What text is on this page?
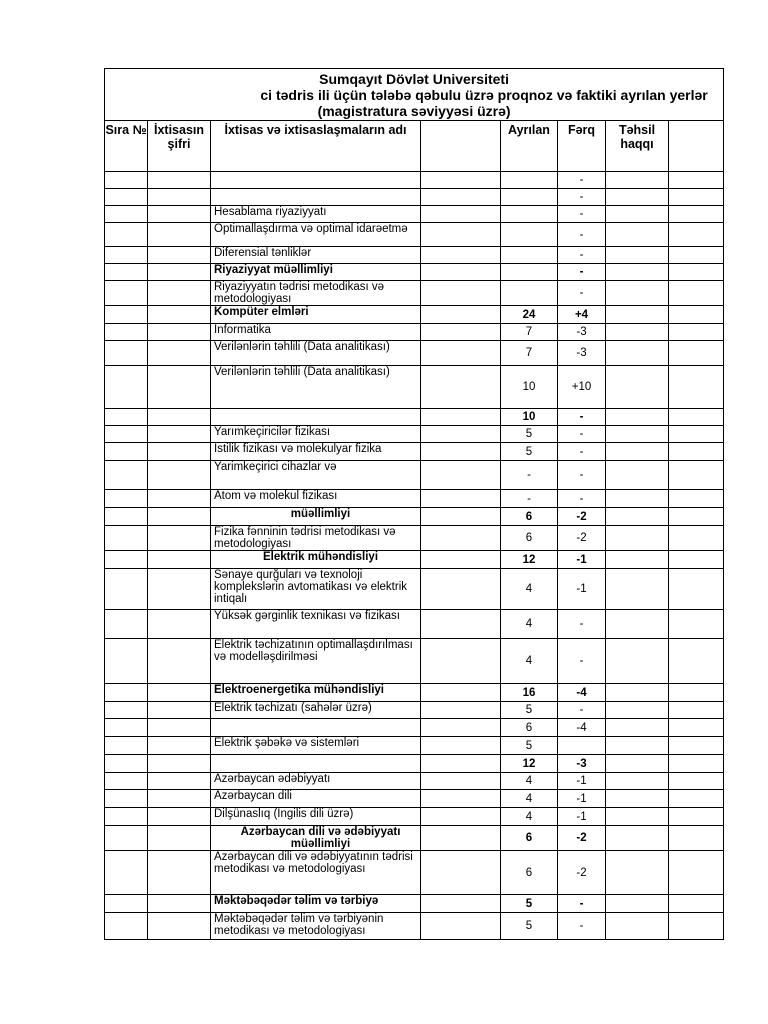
Sumqayıt Dövlət Universiteti
ci tədris ili üçün tələbə qəbulu üzrə proqnoz və faktiki ayrılan yerlər
(magistratura səviyyəsi üzrə)							

Sıra №	İxtisasın şifri	İxtisas və ixtisaslaşmaların adı		Ayrılan	Fərq	Təhsil haqqı	
					-		
					-		
		Hesablama riyaziyyatı			-		
		Optimallaşdırma və optimal idarəetmə			-		
		Diferensial tənliklər			-		
		Riyaziyyat müəllimliyi			-		
		Riyaziyyatın tədrisi metodikası və metodologiyası			-		
		Kompüter elmləri		24	+4		
		Informatika		7	-3		
		Verilənlərin təhlili (Data analitikası)		7	-3		
		Verilənlərin təhlili (Data analitikası)		10	+10		
				10	-		
		Yarımkeçiricilər fizikası		5	-		
		Istilik fizikası və molekulyar fizika		5	-		
		Yarimkeçirici cihazlar və		-	-		
		Atom və molekul fizikası		-	-		
		müəllimliyi		6	-2		
		Fizika fənninin tədrisi metodikası və metodologiyası		6	-2		
		Elektrik mühəndisliyi		12	-1		
		Sənaye qurğuları və texnoloji komplekslərin avtomatikası və elektrik intiqalı		4	-1		
		Yüksək gərginlik texnikası və fizikası		4	-		
		Elektrik təchizatının optimallaşdırılması və modelləşdirilməsi		4	-		
		Elektroenergetika mühəndisliyi		16	-4		
		Elektrik təchizatı (sahələr üzrə)		5	-		
				6	-4		
		Elektrik şəbəkə və sistemləri		5			
				12	-3		
		Azərbaycan ədəbiyyatı		4	-1		
		Azərbaycan dili		4	-1		
		Dilşünaslıq (İngilis dili üzrə)		4	-1		
		Azərbaycan dili və ədəbiyyatı müəllimliyi		6	-2		
		Azərbaycan dili və ədəbiyyatının tədrisi metodikası və metodologiyası		6	-2		
		Məktəbəqədər təlim və tərbiyə		5	-		
		Məktəbəqədər təlim və tərbiyənin metodikası və metodologiyası		5	-		
